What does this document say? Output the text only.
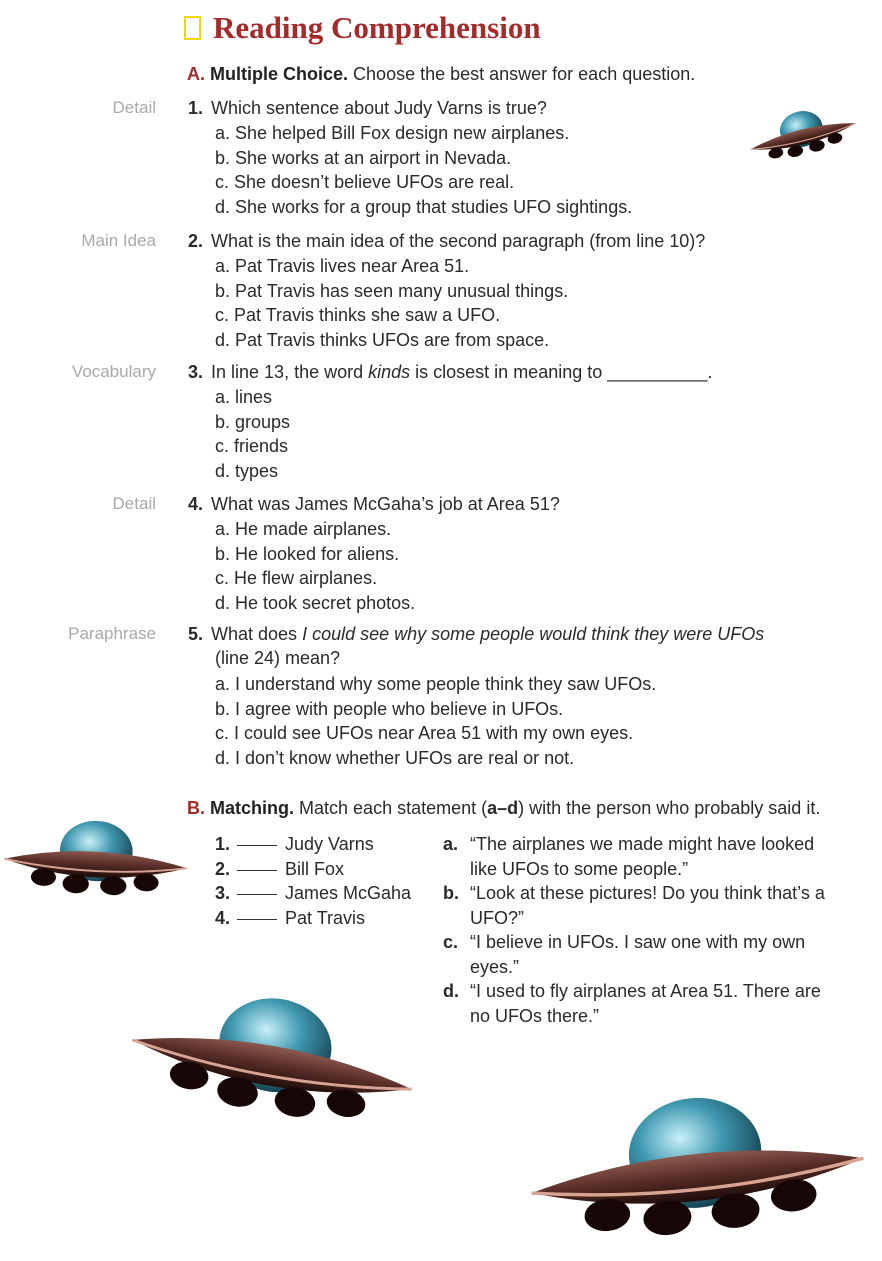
Reading Comprehension
A. Multiple Choice. Choose the best answer for each question.
Detail 1. Which sentence about Judy Varns is true?
a. She helped Bill Fox design new airplanes.
b. She works at an airport in Nevada.
c. She doesn’t believe UFOs are real.
d. She works for a group that studies UFO sightings.
Main Idea 2. What is the main idea of the second paragraph (from line 10)?
a. Pat Travis lives near Area 51.
b. Pat Travis has seen many unusual things.
c. Pat Travis thinks she saw a UFO.
d. Pat Travis thinks UFOs are from space.
Vocabulary 3. In line 13, the word kinds is closest in meaning to __________.
a. lines
b. groups
c. friends
d. types
Detail 4. What was James McGaha’s job at Area 51?
a. He made airplanes.
b. He looked for aliens.
c. He flew airplanes.
d. He took secret photos.
Paraphrase 5. What does I could see why some people would think they were UFOs
(line 24) mean?
a. I understand why some people think they saw UFOs.
b. I agree with people who believe in UFOs.
c. I could see UFOs near Area 51 with my own eyes.
d. I don’t know whether UFOs are real or not.
B. Matching. Match each statement (a–d) with the person who probably said it.
1.	Judy Varns
2.	Bill Fox
3.	James McGaha
4.	Pat Travis
a. “The airplanes we made might have looked like UFOs to some people.”
b. “Look at these pictures! Do you think that’s a UFO?”
c. “I believe in UFOs. I saw one with my own eyes.”
d. “I used to fly airplanes at Area 51. There are no UFOs there.”
